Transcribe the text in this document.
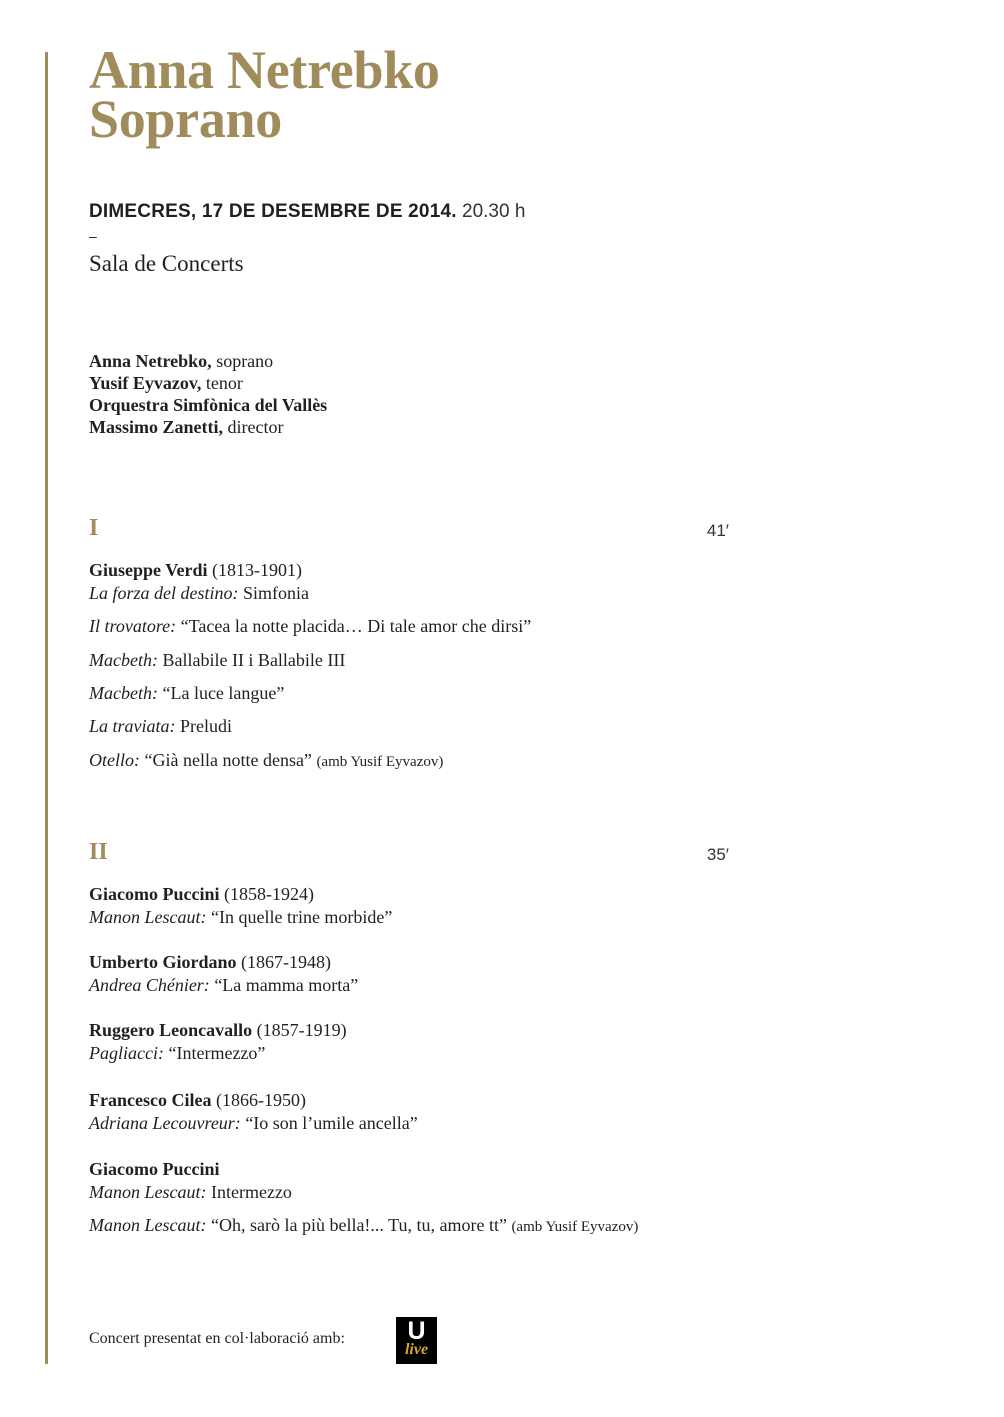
Anna Netrebko
Soprano
DIMECRES, 17 DE DESEMBRE DE 2014. 20.30 h
–
Sala de Concerts
Anna Netrebko, soprano
Yusif Eyvazov, tenor
Orquestra Simfònica del Vallès
Massimo Zanetti, director
I	41′
Giuseppe Verdi (1813-1901)
La forza del destino: Simfonia
Il trovatore: “Tacea la notte placida… Di tale amor che dirsi”
Macbeth: Ballabile II i Ballabile III
Macbeth: “La luce langue”
La traviata: Preludi
Otello: “Già nella notte densa” (amb Yusif Eyvazov)
II	35′
Giacomo Puccini (1858-1924)
Manon Lescaut: “In quelle trine morbide”
Umberto Giordano (1867-1948)
Andrea Chénier: “La mamma morta”
Ruggero Leoncavallo (1857-1919)
Pagliacci: “Intermezzo”
Francesco Cilea (1866-1950)
Adriana Lecouvreur: “Io son l’umile ancella”
Giacomo Puccini
Manon Lescaut: Intermezzo
Manon Lescaut: “Oh, sarò la più bella!... Tu, tu, amore tt” (amb Yusif Eyvazov)
Concert presentat en col·laboració amb:	U
live
